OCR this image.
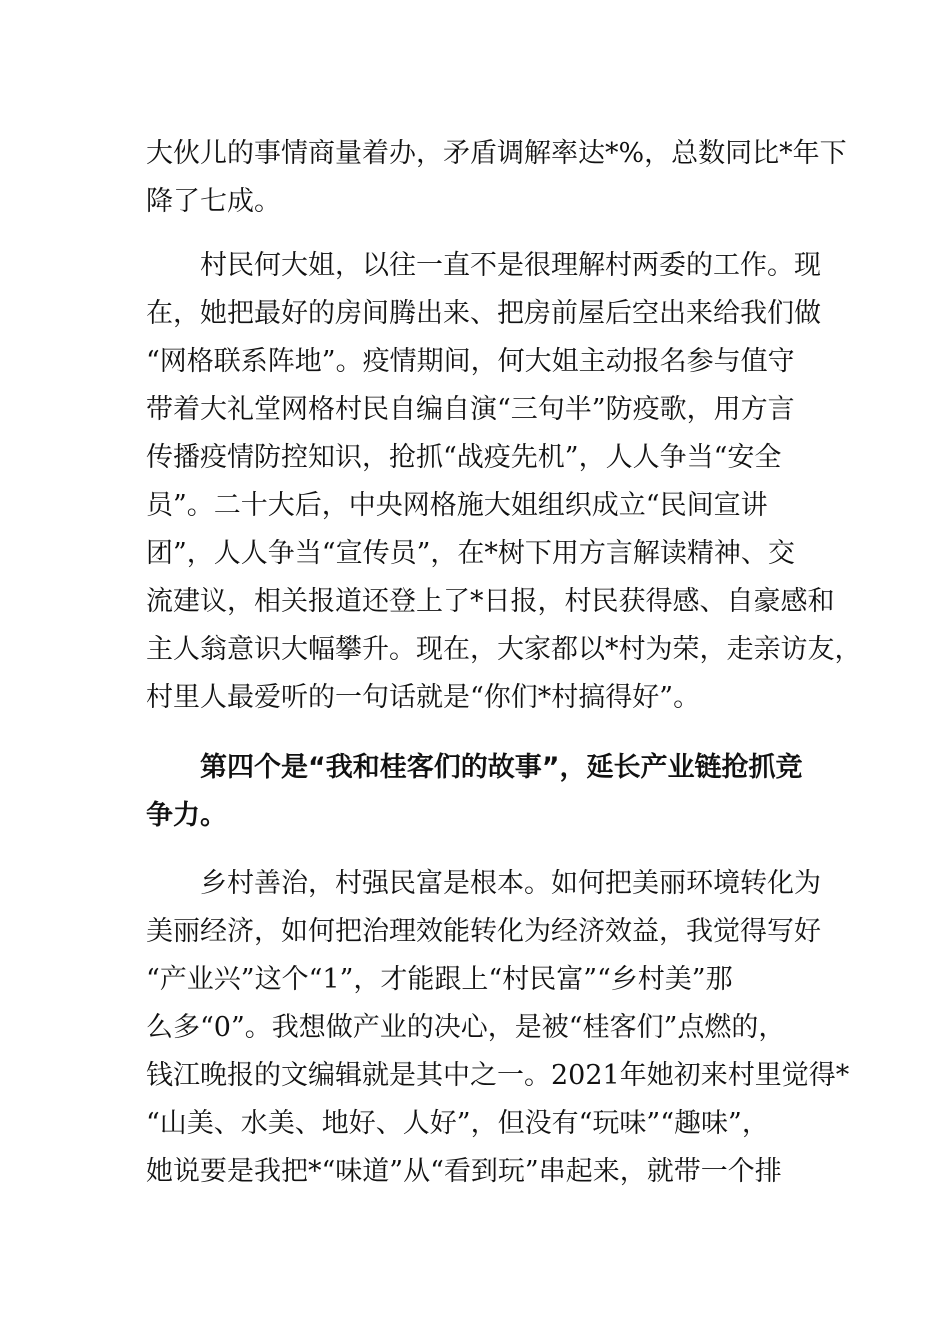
大伙儿的事情商量着办，矛盾调解率达*%，总数同比*年下
降了七成。
村民何大姐，以往一直不是很理解村两委的工作。现
在，她把最好的房间腾出来、把房前屋后空出来给我们做
“网格联系阵地”。疫情期间，何大姐主动报名参与值守
带着大礼堂网格村民自编自演“三句半”防疫歌，用方言
传播疫情防控知识，抢抓“战疫先机”，人人争当“安全
员”。二十大后，中央网格施大姐组织成立“民间宣讲
团”，人人争当“宣传员”，在*树下用方言解读精神、交
流建议，相关报道还登上了*日报，村民获得感、自豪感和
主人翁意识大幅攀升。现在，大家都以*村为荣，走亲访友，
村里人最爱听的一句话就是“你们*村搞得好”。
第四个是“我和桂客们的故事”，延长产业链抢抓竞
争力。
乡村善治，村强民富是根本。如何把美丽环境转化为
美丽经济，如何把治理效能转化为经济效益，我觉得写好
“产业兴”这个“1”，才能跟上“村民富”“乡村美”那
么多“0”。我想做产业的决心，是被“桂客们”点燃的，
钱江晚报的文编辑就是其中之一。2021年她初来村里觉得*
“山美、水美、地好、人好”，但没有“玩味”“趣味”，
她说要是我把*“味道”从“看到玩”串起来，就带一个排
